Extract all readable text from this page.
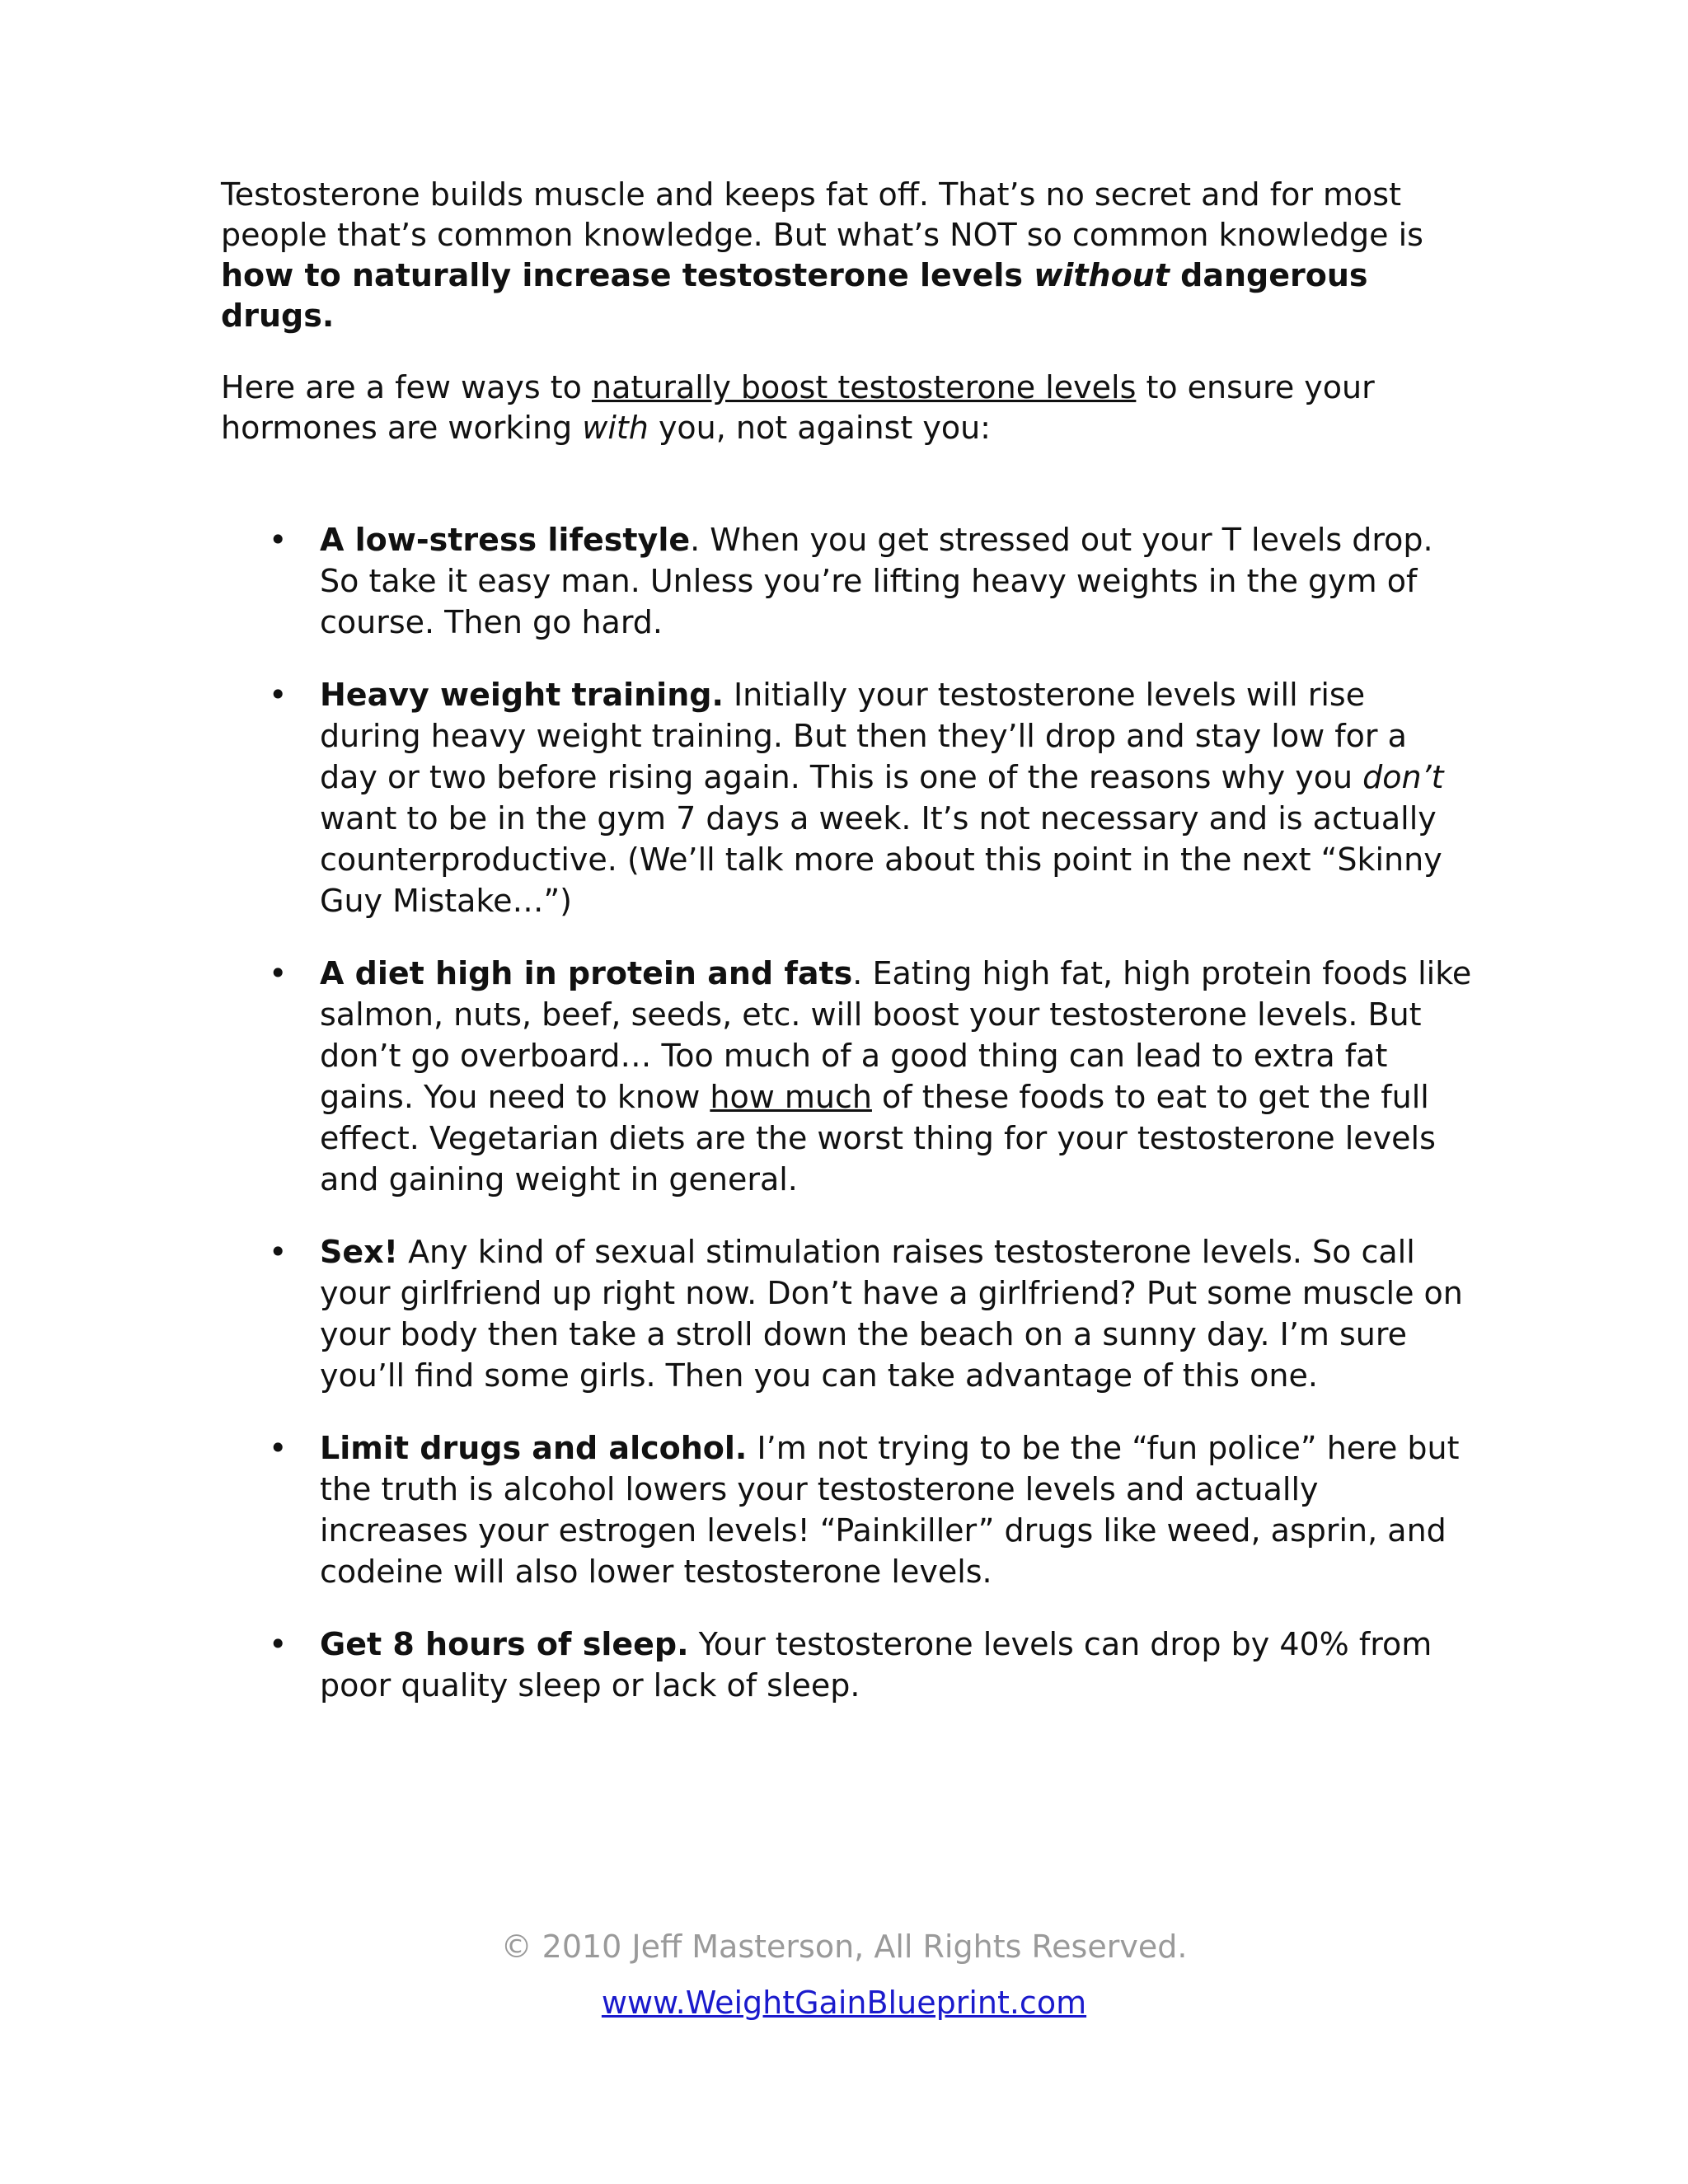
Testosterone builds muscle and keeps fat off. That’s no secret and for most people that’s common knowledge. But what’s NOT so common knowledge is how to naturally increase testosterone levels without dangerous drugs.

Here are a few ways to naturally boost testosterone levels to ensure your hormones are working with you, not against you:

• A low-stress lifestyle. When you get stressed out your T levels drop. So take it easy man. Unless you’re lifting heavy weights in the gym of course. Then go hard.
• Heavy weight training. Initially your testosterone levels will rise during heavy weight training. But then they’ll drop and stay low for a day or two before rising again. This is one of the reasons why you don’t want to be in the gym 7 days a week. It’s not necessary and is actually counterproductive. (We’ll talk more about this point in the next “Skinny Guy Mistake…”)
• A diet high in protein and fats. Eating high fat, high protein foods like salmon, nuts, beef, seeds, etc. will boost your testosterone levels. But don’t go overboard… Too much of a good thing can lead to extra fat gains. You need to know how much of these foods to eat to get the full effect. Vegetarian diets are the worst thing for your testosterone levels and gaining weight in general.
• Sex! Any kind of sexual stimulation raises testosterone levels. So call your girlfriend up right now. Don’t have a girlfriend? Put some muscle on your body then take a stroll down the beach on a sunny day. I’m sure you’ll find some girls. Then you can take advantage of this one.
• Limit drugs and alcohol. I’m not trying to be the “fun police” here but the truth is alcohol lowers your testosterone levels and actually increases your estrogen levels! “Painkiller” drugs like weed, asprin, and codeine will also lower testosterone levels.
• Get 8 hours of sleep. Your testosterone levels can drop by 40% from poor quality sleep or lack of sleep.
© 2010 Jeff Masterson, All Rights Reserved.
www.WeightGainBlueprint.com
